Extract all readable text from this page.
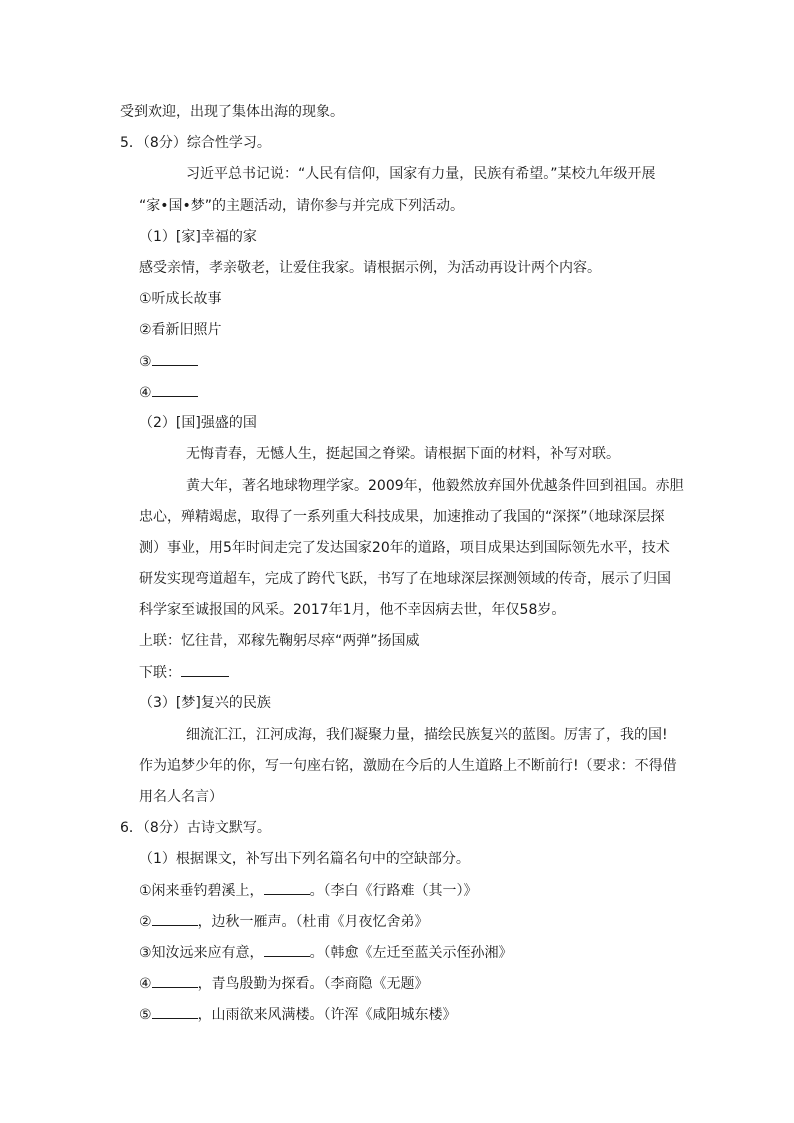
受到欢迎，出现了集体出海的现象。
5．（8分）综合性学习。
习近平总书记说：“人民有信仰，国家有力量，民族有希望。”某校九年级开展
“家•国•梦”的主题活动，请你参与并完成下列活动。
（1）[家]幸福的家
感受亲情，孝亲敬老，让爱住我家。请根据示例，为活动再设计两个内容。
①听成长故事
②看新旧照片
③
④
（2）[国]强盛的国
无悔青春，无憾人生，挺起国之脊梁。请根据下面的材料，补写对联。
黄大年，著名地球物理学家。2009年，他毅然放弃国外优越条件回到祖国。赤胆
忠心，殚精竭虑，取得了一系列重大科技成果，加速推动了我国的“深探”（地球深层探
测）事业，用5年时间走完了发达国家20年的道路，项目成果达到国际领先水平，技术
研发实现弯道超车，完成了跨代飞跃，书写了在地球深层探测领域的传奇，展示了归国
科学家至诚报国的风采。2017年1月，他不幸因病去世，年仅58岁。
上联：忆往昔，邓稼先鞠躬尽瘁“两弹”扬国威
下联：
（3）[梦]复兴的民族
细流汇江，江河成海，我们凝聚力量，描绘民族复兴的蓝图。厉害了，我的国!
作为追梦少年的你，写一句座右铭，激励在今后的人生道路上不断前行!（要求：不得借
用名人名言）
6．（8分）古诗文默写。
（1）根据课文，补写出下列名篇名句中的空缺部分。
①闲来垂钓碧溪上，	。（李白《行路难（其一）》
②	，边秋一雁声。（杜甫《月夜忆舍弟》
③知汝远来应有意，	。（韩愈《左迁至蓝关示侄孙湘》
④	，青鸟殷勤为探看。（李商隐《无题》
⑤	，山雨欲来风满楼。（许浑《咸阳城东楼》
